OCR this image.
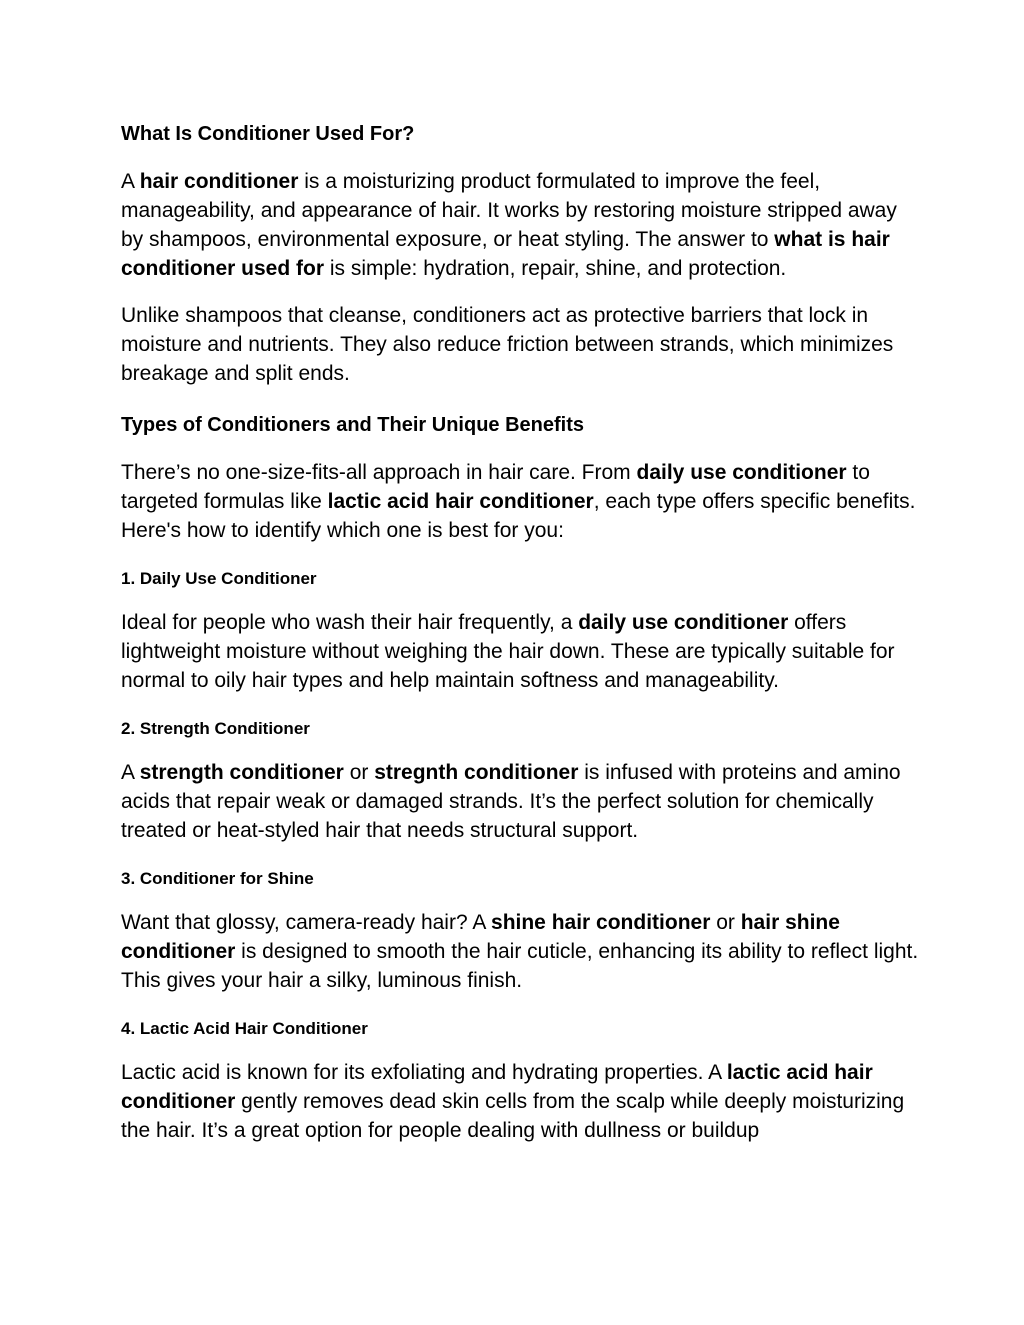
What Is Conditioner Used For?

A hair conditioner is a moisturizing product formulated to improve the feel, manageability, and appearance of hair. It works by restoring moisture stripped away by shampoos, environmental exposure, or heat styling. The answer to what is hair conditioner used for is simple: hydration, repair, shine, and protection.

Unlike shampoos that cleanse, conditioners act as protective barriers that lock in moisture and nutrients. They also reduce friction between strands, which minimizes breakage and split ends.

Types of Conditioners and Their Unique Benefits

There’s no one-size-fits-all approach in hair care. From daily use conditioner to targeted formulas like lactic acid hair conditioner, each type offers specific benefits. Here's how to identify which one is best for you:

1. Daily Use Conditioner

Ideal for people who wash their hair frequently, a daily use conditioner offers lightweight moisture without weighing the hair down. These are typically suitable for normal to oily hair types and help maintain softness and manageability.

2. Strength Conditioner

A strength conditioner or stregnth conditioner is infused with proteins and amino acids that repair weak or damaged strands. It’s the perfect solution for chemically treated or heat-styled hair that needs structural support.

3. Conditioner for Shine

Want that glossy, camera-ready hair? A shine hair conditioner or hair shine conditioner is designed to smooth the hair cuticle, enhancing its ability to reflect light. This gives your hair a silky, luminous finish.

4. Lactic Acid Hair Conditioner

Lactic acid is known for its exfoliating and hydrating properties. A lactic acid hair conditioner gently removes dead skin cells from the scalp while deeply moisturizing the hair. It’s a great option for people dealing with dullness or buildup
